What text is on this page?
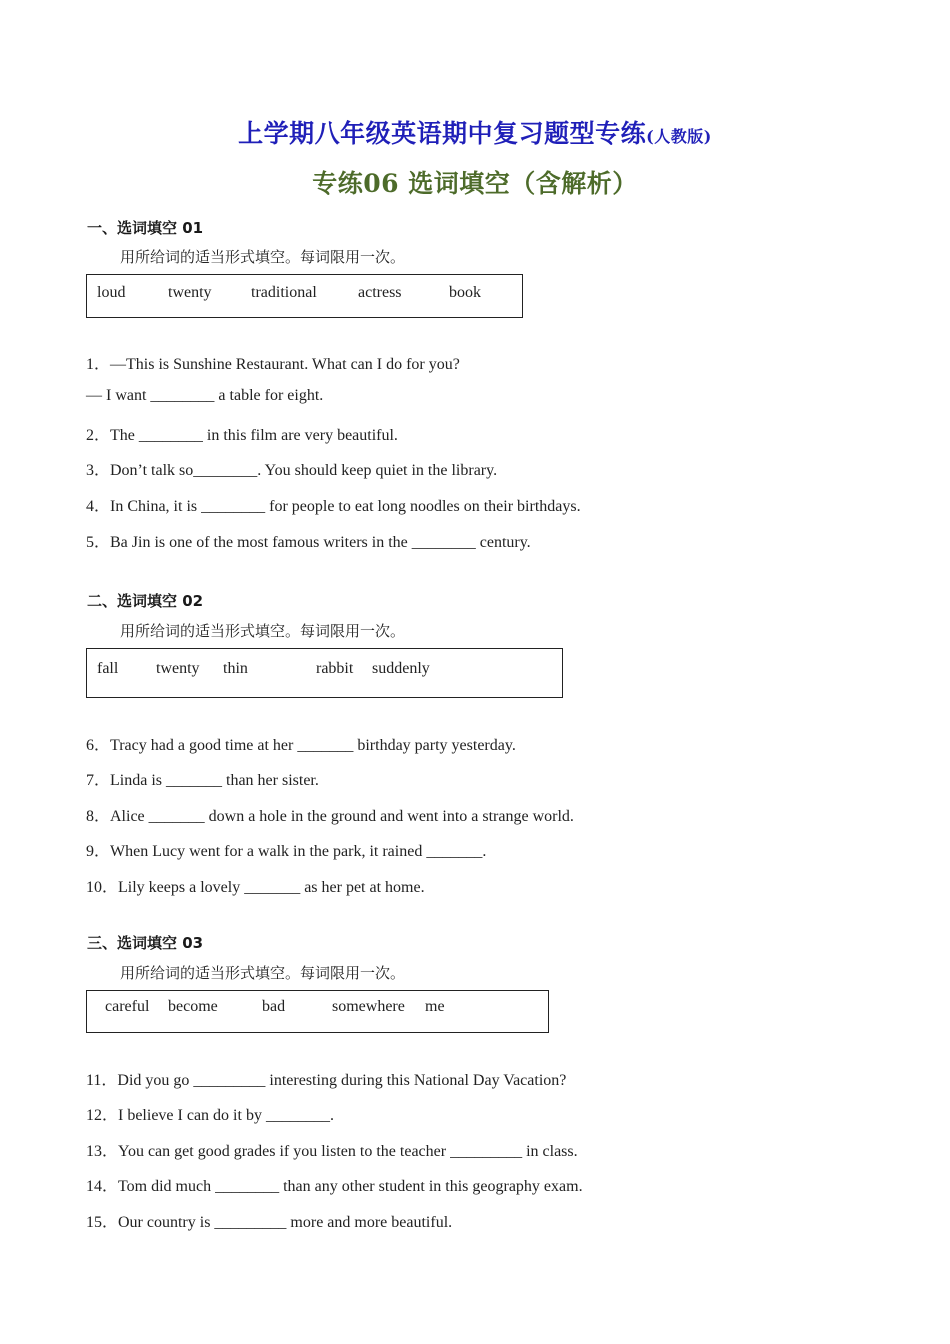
上学期八年级英语期中复习题型专练(人教版)
专练06 选词填空（含解析）
一、选词填空 01
用所给词的适当形式填空。每词限用一次。
loud	twenty traditional	actress	book
1．—This is Sunshine Restaurant. What can I do for you?
— I want ________ a table for eight.
2．The ________ in this film are very beautiful.
3．Don’t talk so________. You should keep quiet in the library.
4．In China, it is ________ for people to eat long noodles on their birthdays.
5．Ba Jin is one of the most famous writers in the ________ century.
二、选词填空 02
用所给词的适当形式填空。每词限用一次。
fall twenty thin	rabbit suddenly
6．Tracy had a good time at her _______ birthday party yesterday.
7．Linda is _______ than her sister.
8．Alice _______ down a hole in the ground and went into a strange world.
9．When Lucy went for a walk in the park, it rained _______.
10．Lily keeps a lovely _______ as her pet at home.
三、选词填空 03
用所给词的适当形式填空。每词限用一次。
careful become	bad	somewhere me
11．Did you go _________ interesting during this National Day Vacation?
12．I believe I can do it by ________.
13．You can get good grades if you listen to the teacher _________ in class.
14．Tom did much ________ than any other student in this geography exam.
15．Our country is _________ more and more beautiful.
